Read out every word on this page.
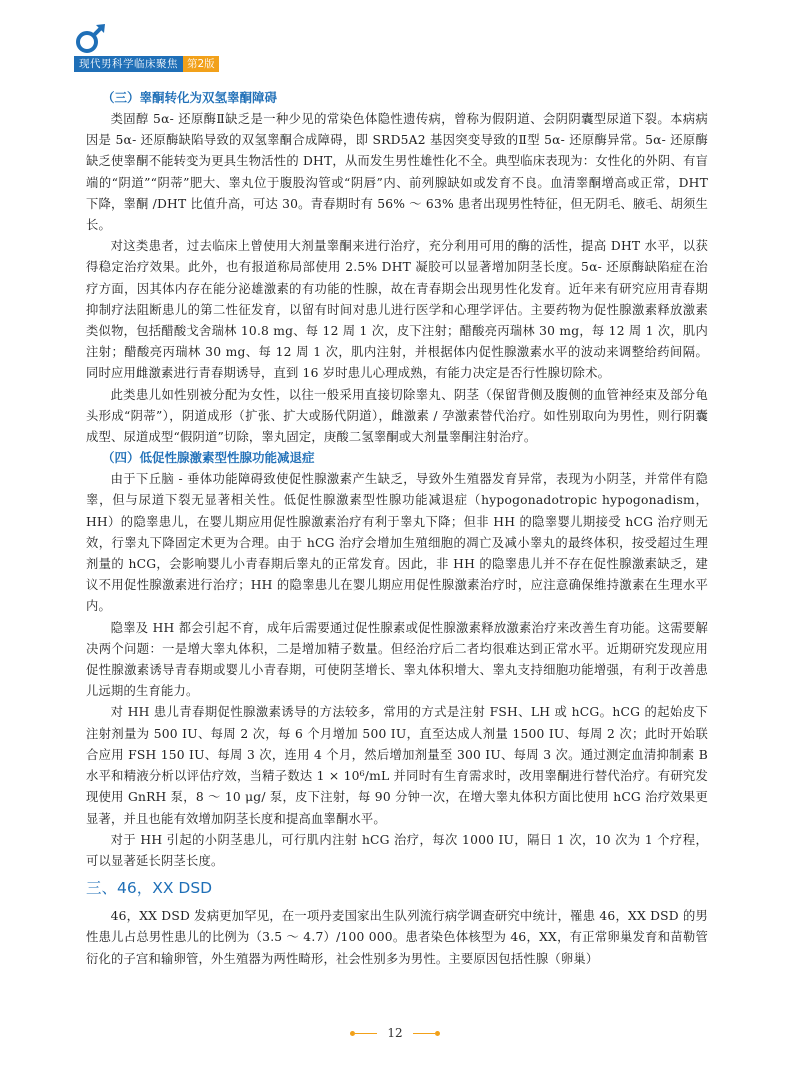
现代男科学临床聚焦 第2版
（三）睾酮转化为双氢睾酮障碍

类固醇 5α- 还原酶Ⅱ缺乏是一种少见的常染色体隐性遗传病，曾称为假阴道、会阴阴囊型尿道下裂。本病病因是 5α- 还原酶缺陷导致的双氢睾酮合成障碍，即 SRD5A2 基因突变导致的Ⅱ型 5α- 还原酶异常。5α- 还原酶缺乏使睾酮不能转变为更具生物活性的 DHT，从而发生男性雄性化不全。典型临床表现为：女性化的外阴、有盲端的“阴道”“阴蒂”肥大、睾丸位于腹股沟管或“阴唇”内、前列腺缺如或发育不良。血清睾酮增高或正常，DHT 下降，睾酮 /DHT 比值升高，可达 30。青春期时有 56% ～ 63% 患者出现男性特征，但无阴毛、腋毛、胡须生长。

对这类患者，过去临床上曾使用大剂量睾酮来进行治疗，充分利用可用的酶的活性，提高 DHT 水平，以获得稳定治疗效果。此外，也有报道称局部使用 2.5% DHT 凝胶可以显著增加阴茎长度。5α- 还原酶缺陷症在治疗方面，因其体内存在能分泌雄激素的有功能的性腺，故在青春期会出现男性化发育。近年来有研究应用青春期抑制疗法阻断患儿的第二性征发育，以留有时间对患儿进行医学和心理学评估。主要药物为促性腺激素释放激素类似物，包括醋酸戈舍瑞林 10.8 mg、每 12 周 1 次，皮下注射；醋酸亮丙瑞林 30 mg，每 12 周 1 次，肌内注射；醋酸亮丙瑞林 30 mg、每 12 周 1 次，肌内注射，并根据体内促性腺激素水平的波动来调整给药间隔。同时应用雌激素进行青春期诱导，直到 16 岁时患儿心理成熟，有能力决定是否行性腺切除术。

此类患儿如性别被分配为女性，以往一般采用直接切除睾丸、阴茎（保留背侧及腹侧的血管神经束及部分龟头形成“阴蒂”），阴道成形（扩张、扩大或肠代阴道），雌激素 / 孕激素替代治疗。如性别取向为男性，则行阴囊成型、尿道成型“假阴道”切除，睾丸固定，庚酸二氢睾酮或大剂量睾酮注射治疗。

（四）低促性腺激素型性腺功能减退症

由于下丘脑 - 垂体功能障碍致使促性腺激素产生缺乏，导致外生殖器发育异常，表现为小阴茎，并常伴有隐睾，但与尿道下裂无显著相关性。低促性腺激素型性腺功能减退症（hypogonadotropic hypogonadism，HH）的隐睾患儿，在婴儿期应用促性腺激素治疗有利于睾丸下降；但非 HH 的隐睾婴儿期接受 hCG 治疗则无效，行睾丸下降固定术更为合理。由于 hCG 治疗会增加生殖细胞的凋亡及减小睾丸的最终体积，按受超过生理剂量的 hCG，会影响婴儿小青春期后睾丸的正常发育。因此，非 HH 的隐睾患儿并不存在促性腺激素缺乏，建议不用促性腺激素进行治疗；HH 的隐睾患儿在婴儿期应用促性腺激素治疗时，应注意确保维持激素在生理水平内。

隐睾及 HH 都会引起不育，成年后需要通过促性腺素或促性腺激素释放激素治疗来改善生育功能。这需要解决两个问题：一是增大睾丸体积，二是增加精子数量。但经治疗后二者均很难达到正常水平。近期研究发现应用促性腺激素诱导青春期或婴儿小青春期，可使阴茎增长、睾丸体积增大、睾丸支持细胞功能增强，有利于改善患儿远期的生育能力。

对 HH 患儿青春期促性腺激素诱导的方法较多，常用的方式是注射 FSH、LH 或 hCG。hCG 的起始皮下注射剂量为 500 IU、每周 2 次，每 6 个月增加 500 IU，直至达成人剂量 1500 IU、每周 2 次；此时开始联合应用 FSH 150 IU、每周 3 次，连用 4 个月，然后增加剂量至 300 IU、每周 3 次。通过测定血清抑制素 B 水平和精液分析以评估疗效，当精子数达 1 × 10⁶/mL 并同时有生育需求时，改用睾酮进行替代治疗。有研究发现使用 GnRH 泵，8 ～ 10 μg/ 泵，皮下注射，每 90 分钟一次，在增大睾丸体积方面比使用 hCG 治疗效果更显著，并且也能有效增加阴茎长度和提高血睾酮水平。

对于 HH 引起的小阴茎患儿，可行肌内注射 hCG 治疗，每次 1000 IU，隔日 1 次，10 次为 1 个疗程，可以显著延长阴茎长度。

三、46，XX DSD

46，XX DSD 发病更加罕见，在一项丹麦国家出生队列流行病学调查研究中统计，罹患 46，XX DSD 的男性患儿占总男性患儿的比例为（3.5 ～ 4.7）/100 000。患者染色体核型为 46，XX，有正常卵巢发育和苗勒管衍化的子宫和输卵管，外生殖器为两性畸形，社会性别多为男性。主要原因包括性腺（卵巢）

12
